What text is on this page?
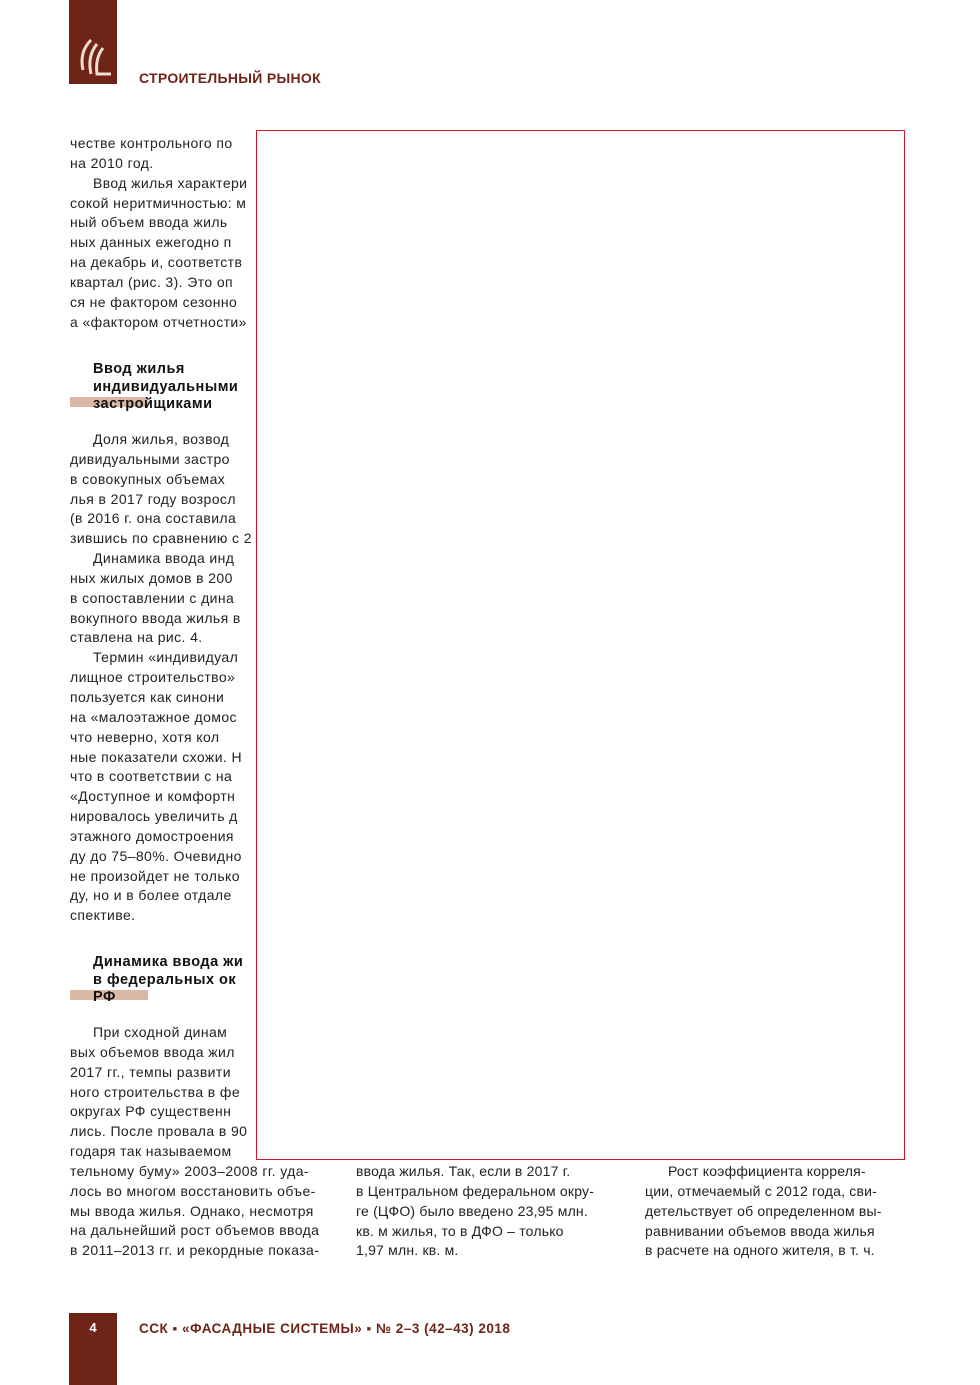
СТРОИТЕЛЬНЫЙ РЫНОК
честве контрольного по
на 2010 год.
Ввод жилья характери
сокой неритмичностью: м
ный объем ввода жиль
ных данных ежегодно п
на декабрь и, соответств
квартал (рис. 3). Это оп
ся не фактором сезонно
а «фактором отчетности»
Ввод жилья
индивидуальными
застройщиками
Доля жилья, возвод
дивидуальными застро
в совокупных объемах
лья в 2017 году возросл
(в 2016 г. она составила
зившись по сравнению с 2
Динамика ввода инд
ных жилых домов в 200
в сопоставлении с дина
вокупного ввода жилья в
ставлена на рис. 4.
Термин «индивидуал
лищное строительство»
пользуется как синони
на «малоэтажное домос
что неверно, хотя кол
ные показатели схожи. Н
что в соответствии с на
«Доступное и комфортн
нировалось увеличить д
этажного домостроения
ду до 75–80%. Очевидно
не произойдет не только
ду, но и в более отдале
спективе.
Динамика ввода жи
в федеральных ок
РФ
При сходной динам
вых объемов ввода жил
2017 гг., темпы развити
ного строительства в фе
округах РФ существенн
лись. После провала в 90
годаря так называемом
тельному буму» 2003–2008 гг. уда-
лось во многом восстановить объе-
мы ввода жилья. Однако, несмотря
на дальнейший рост объемов ввода
в 2011–2013 гг. и рекордные показа-
ввода жилья. Так, если в 2017 г.
в Центральном федеральном окру-
ге (ЦФО) было введено 23,95 млн.
кв. м жилья, то в ДФО – только
1,97 млн. кв. м.
Рост коэффициента корреля-
ции, отмечаемый с 2012 года, сви-
детельствует об определенном вы-
равнивании объемов ввода жилья
в расчете на одного жителя, в т. ч.
4	ССК ▪ «ФАСАДНЫЕ СИСТЕМЫ» ▪ № 2–3 (42–43) 2018
